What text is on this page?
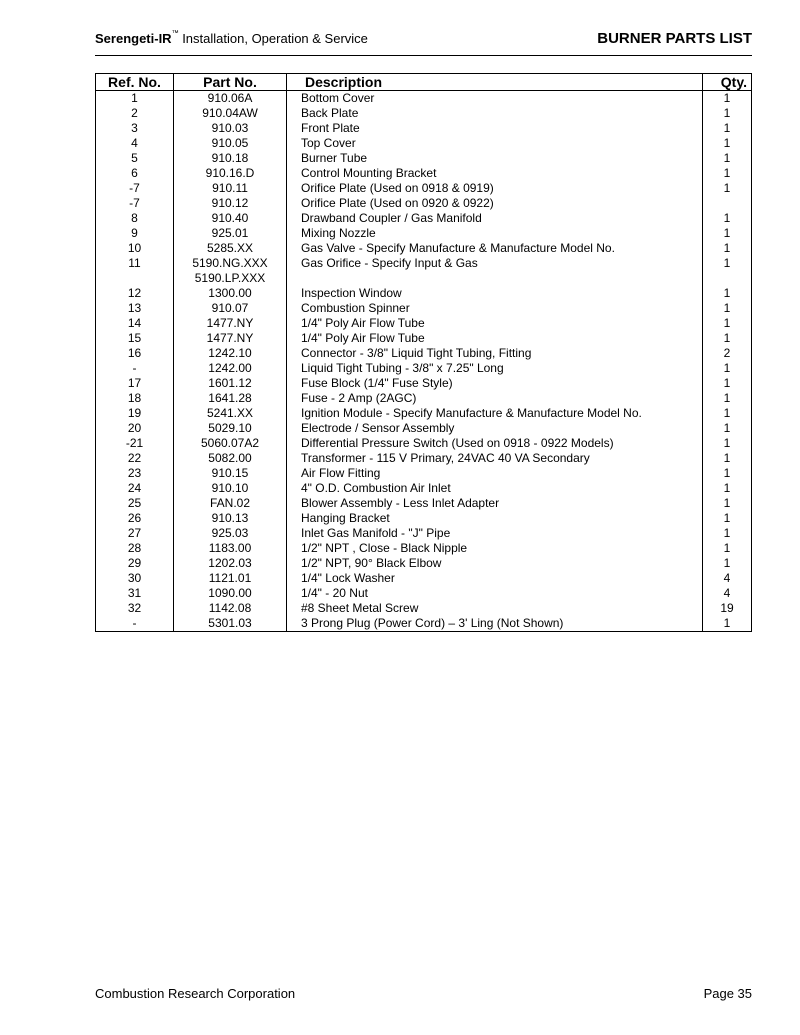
Serengeti-IR™ Installation, Operation & Service	BURNER PARTS LIST
Ref. No.	Part No.	Description	Qty.
1	910.06A	Bottom Cover	1
2	910.04AW	Back Plate	1
3	910.03	Front Plate	1
4	910.05	Top Cover	1
5	910.18	Burner Tube	1
6	910.16.D	Control Mounting Bracket	1
-7	910.11	Orifice Plate (Used on 0918 & 0919)	1
-7	910.12	Orifice Plate (Used on 0920 & 0922)	
8	910.40	Drawband Coupler / Gas Manifold	1
9	925.01	Mixing Nozzle	1
10	5285.XX	Gas Valve - Specify Manufacture & Manufacture Model No.	1
11	5190.NG.XXX	Gas Orifice - Specify Input & Gas	1
	5190.LP.XXX		
12	1300.00	Inspection Window	1
13	910.07	Combustion Spinner	1
14	1477.NY	1/4" Poly Air Flow Tube	1
15	1477.NY	1/4" Poly Air Flow Tube	1
16	1242.10	Connector - 3/8" Liquid Tight Tubing, Fitting	2
-	1242.00	Liquid Tight Tubing - 3/8" x 7.25" Long	1
17	1601.12	Fuse Block (1/4" Fuse Style)	1
18	1641.28	Fuse - 2 Amp (2AGC)	1
19	5241.XX	Ignition Module - Specify Manufacture & Manufacture Model No.	1
20	5029.10	Electrode / Sensor Assembly	1
-21	5060.07A2	Differential Pressure Switch (Used on 0918 - 0922 Models)	1
22	5082.00	Transformer - 115 V Primary, 24VAC 40 VA Secondary	1
23	910.15	Air Flow Fitting	1
24	910.10	4" O.D. Combustion Air Inlet	1
25	FAN.02	Blower Assembly - Less Inlet Adapter	1
26	910.13	Hanging Bracket	1
27	925.03	Inlet Gas Manifold - "J" Pipe	1
28	1183.00	1/2" NPT , Close - Black Nipple	1
29	1202.03	1/2" NPT, 90° Black Elbow	1
30	1121.01	1/4" Lock Washer	4
31	1090.00	1/4" - 20 Nut	4
32	1142.08	#8 Sheet Metal Screw	19
-	5301.03	3 Prong Plug (Power Cord) – 3' Ling (Not Shown)	1
Combustion Research Corporation	Page 35
